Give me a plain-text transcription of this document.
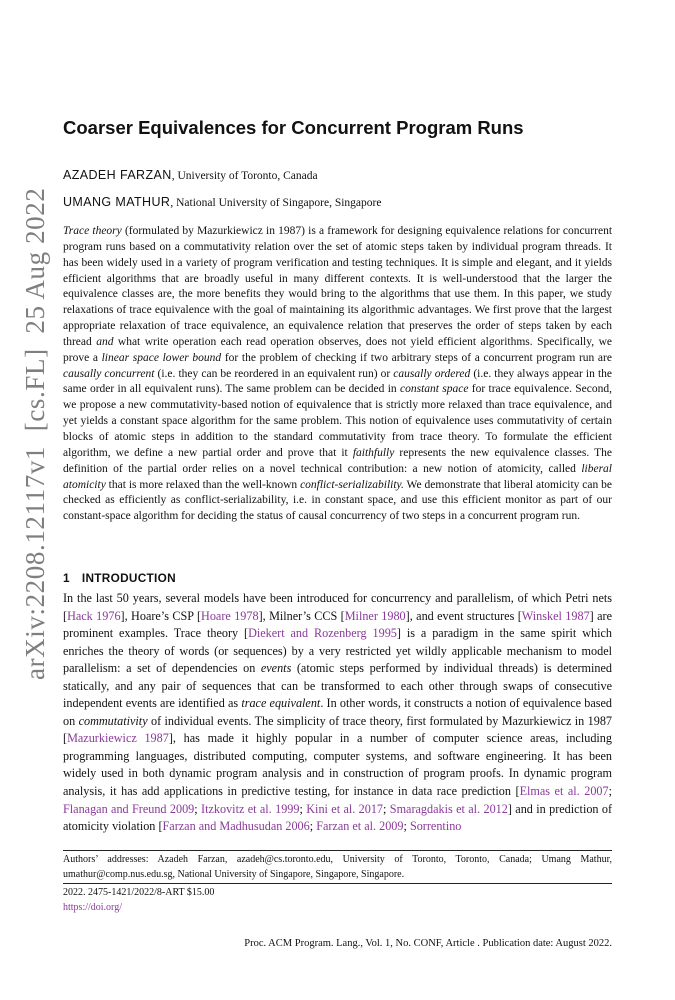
arXiv:2208.12117v1  [cs.FL]  25 Aug 2022
Coarser Equivalences for Concurrent Program Runs
AZADEH FARZAN, University of Toronto, Canada
UMANG MATHUR, National University of Singapore, Singapore
Trace theory (formulated by Mazurkiewicz in 1987) is a framework for designing equivalence relations for concurrent program runs based on a commutativity relation over the set of atomic steps taken by individual program threads. It has been widely used in a variety of program verification and testing techniques. It is simple and elegant, and it yields efficient algorithms that are broadly useful in many different contexts. It is well-understood that the larger the equivalence classes are, the more benefits they would bring to the algorithms that use them. In this paper, we study relaxations of trace equivalence with the goal of maintaining its algorithmic advantages. We first prove that the largest appropriate relaxation of trace equivalence, an equivalence relation that preserves the order of steps taken by each thread and what write operation each read operation observes, does not yield efficient algorithms. Specifically, we prove a linear space lower bound for the problem of checking if two arbitrary steps of a concurrent program run are causally concurrent (i.e. they can be reordered in an equivalent run) or causally ordered (i.e. they always appear in the same order in all equivalent runs). The same problem can be decided in constant space for trace equivalence. Second, we propose a new commutativity-based notion of equivalence that is strictly more relaxed than trace equivalence, and yet yields a constant space algorithm for the same problem. This notion of equivalence uses commutativity of certain blocks of atomic steps in addition to the standard commutativity from trace theory. To formulate the efficient algorithm, we define a new partial order and prove that it faithfully represents the new equivalence classes. The definition of the partial order relies on a novel technical contribution: a new notion of atomicity, called liberal atomicity that is more relaxed than the well-known conflict-serializability. We demonstrate that liberal atomicity can be checked as efficiently as conflict-serializability, i.e. in constant space, and use this efficient monitor as part of our constant-space algorithm for deciding the status of causal concurrency of two steps in a concurrent program run.
1 INTRODUCTION
In the last 50 years, several models have been introduced for concurrency and parallelism, of which Petri nets [Hack 1976], Hoare’s CSP [Hoare 1978], Milner’s CCS [Milner 1980], and event structures [Winskel 1987] are prominent examples. Trace theory [Diekert and Rozenberg 1995] is a paradigm in the same spirit which enriches the theory of words (or sequences) by a very restricted yet wildly applicable mechanism to model parallelism: a set of dependencies on events (atomic steps performed by individual threads) is determined statically, and any pair of sequences that can be transformed to each other through swaps of consecutive independent events are identified as trace equivalent. In other words, it constructs a notion of equivalence based on commutativity of individual events. The simplicity of trace theory, first formulated by Mazurkiewicz in 1987 [Mazurkiewicz 1987], has made it highly popular in a number of computer science areas, including programming languages, distributed computing, computer systems, and software engineering. It has been widely used in both dynamic program analysis and in construction of program proofs. In dynamic program analysis, it has add applications in predictive testing, for instance in data race prediction [Elmas et al. 2007; Flanagan and Freund 2009; Itzkovitz et al. 1999; Kini et al. 2017; Smaragdakis et al. 2012] and in prediction of atomicity violation [Farzan and Madhusudan 2006; Farzan et al. 2009; Sorrentino
Authors’ addresses: Azadeh Farzan, azadeh@cs.toronto.edu, University of Toronto, Toronto, Canada; Umang Mathur, umathur@comp.nus.edu.sg, National University of Singapore, Singapore, Singapore.
2022. 2475-1421/2022/8-ART $15.00
https://doi.org/
Proc. ACM Program. Lang., Vol. 1, No. CONF, Article . Publication date: August 2022.
